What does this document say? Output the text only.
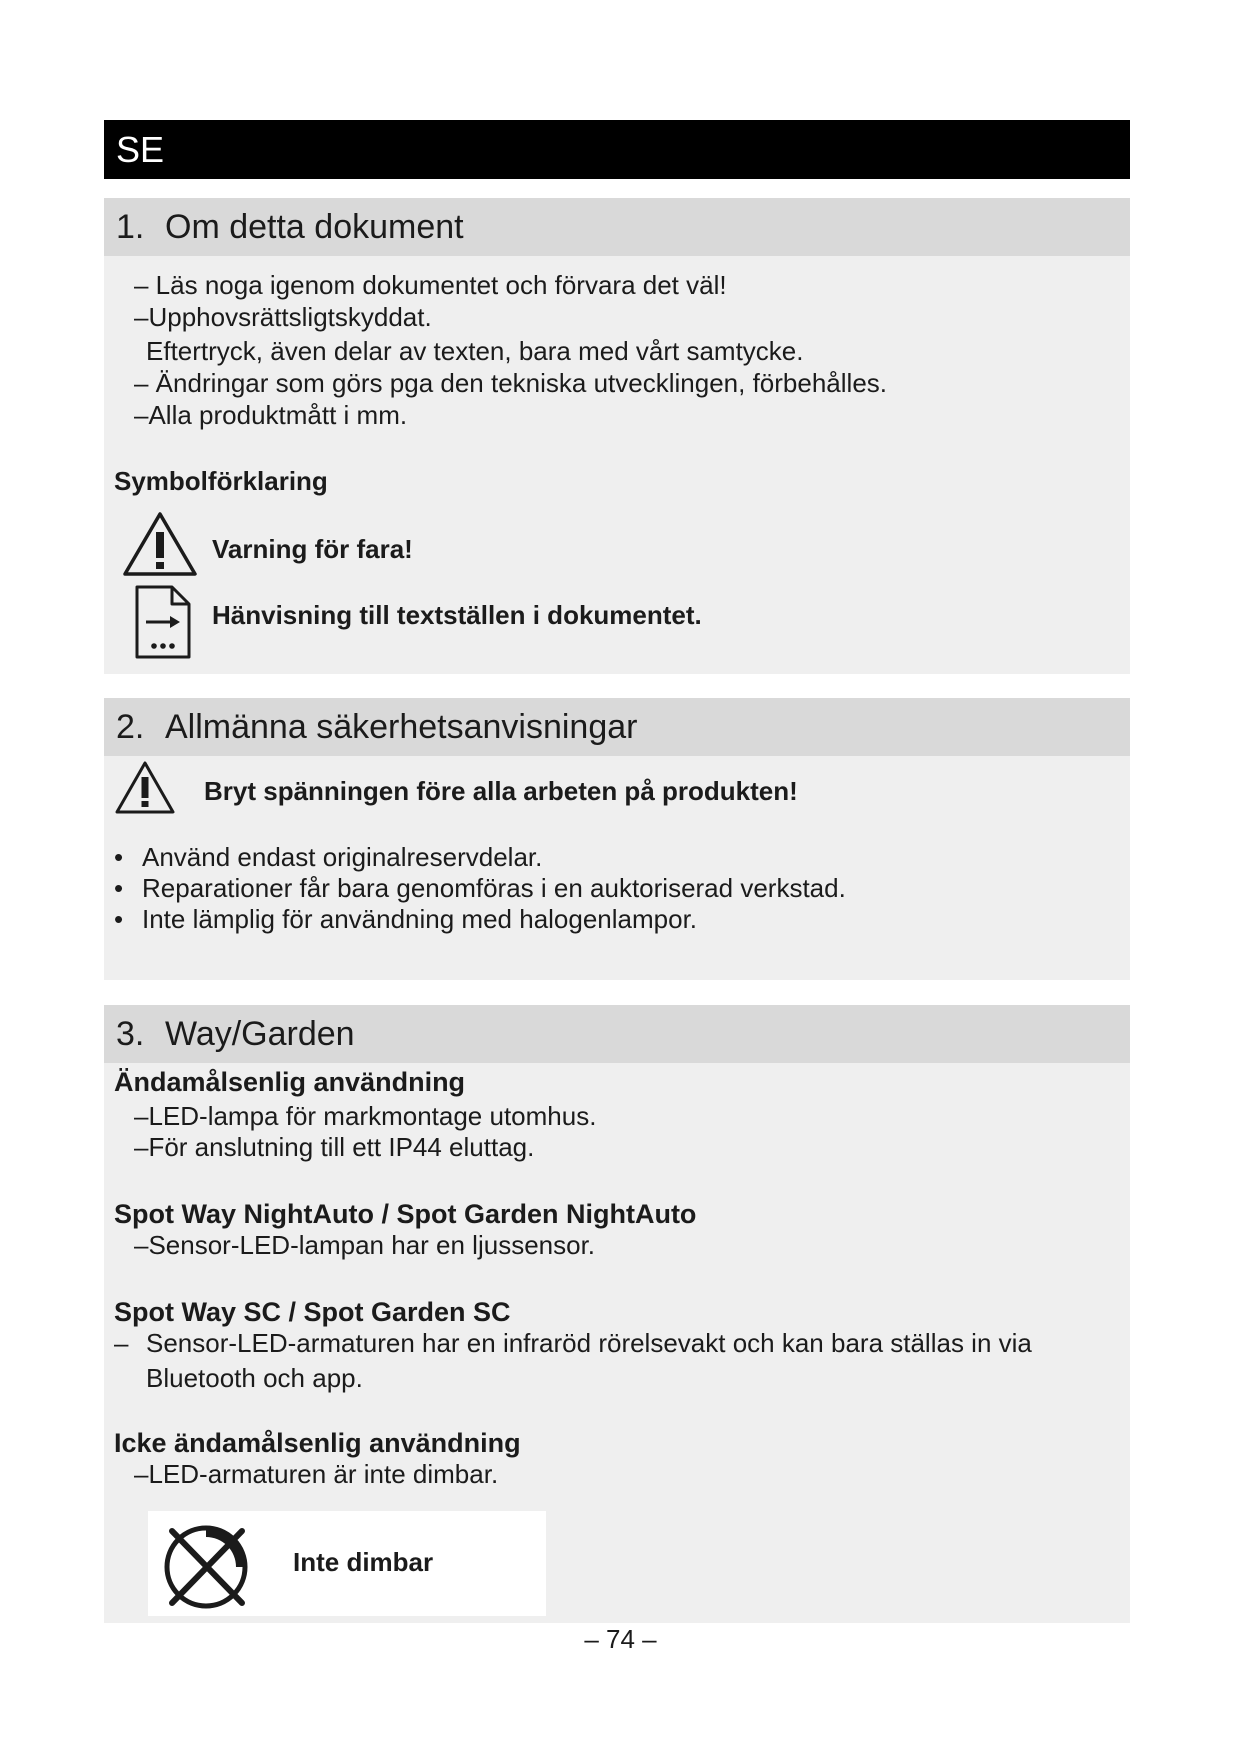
SE
1. Om detta dokument
– Läs noga igenom dokumentet och förvara det väl!
–Upphovsrättsligtskyddat.
Eftertryck, även delar av texten, bara med vårt samtycke.
– Ändringar som görs pga den tekniska utvecklingen, förbehålles.
–Alla produktmått i mm.
Symbolförklaring
Varning för fara!
Hänvisning till textställen i dokumentet.
2. Allmänna säkerhetsanvisningar
Bryt spänningen före alla arbeten på produkten!
• Använd endast originalreservdelar.
• Reparationer får bara genomföras i en auktoriserad verkstad.
• Inte lämplig för användning med halogenlampor.
3. Way/Garden
Ändamålsenlig användning
–LED-lampa för markmontage utomhus.
–För anslutning till ett IP44 eluttag.
Spot Way NightAuto / Spot Garden NightAuto
–Sensor-LED-lampan har en ljussensor.
Spot Way SC / Spot Garden SC
– Sensor-LED-armaturen har en infraröd rörelsevakt och kan bara ställas in via
Bluetooth och app.
Icke ändamålsenlig användning
–LED-armaturen är inte dimbar.
Inte dimbar
– 74 –
